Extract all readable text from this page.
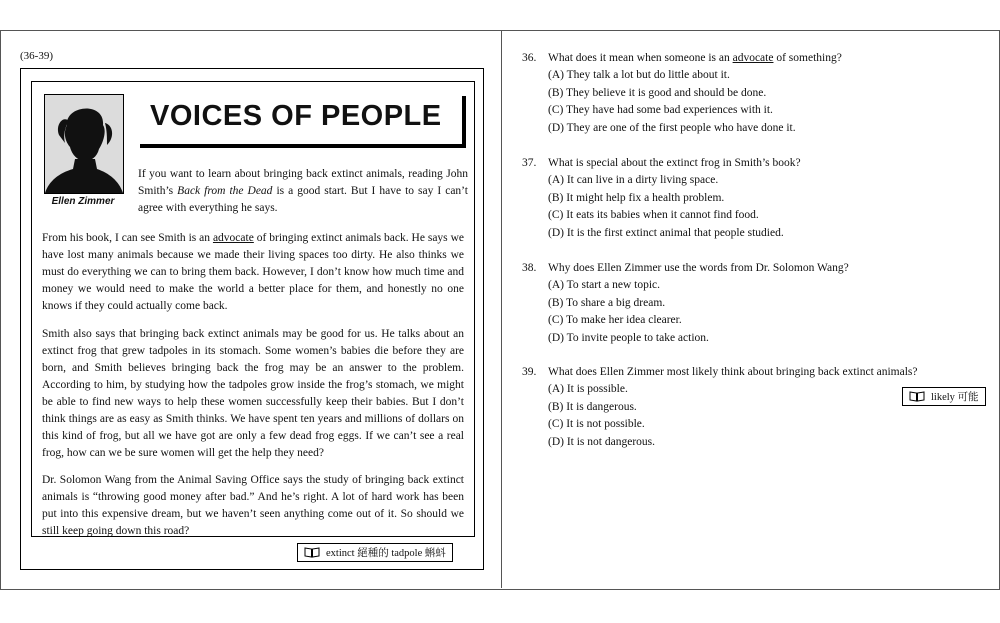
(36-39)
Ellen Zimmer
VOICES OF PEOPLE
If you want to learn about bringing back extinct animals, reading John Smith’s Back from the Dead is a good start. But I have to say I can’t agree with everything he says.
From his book, I can see Smith is an advocate of bringing extinct animals back. He says we have lost many animals because we made their living spaces too dirty. He also thinks we must do everything we can to bring them back. However, I don’t know how much time and money we would need to make the world a better place for them, and honestly no one knows if they could actually come back.
Smith also says that bringing back extinct animals may be good for us. He talks about an extinct frog that grew tadpoles in its stomach. Some women’s babies die before they are born, and Smith believes bringing back the frog may be an answer to the problem. According to him, by studying how the tadpoles grow inside the frog’s stomach, we might be able to find new ways to help these women successfully keep their babies. But I don’t think things are as easy as Smith thinks. We have spent ten years and millions of dollars on this kind of frog, but all we have got are only a few dead frog eggs. If we can’t see a real frog, how can we be sure women will get the help they need?
Dr. Solomon Wang from the Animal Saving Office says the study of bringing back extinct animals is “throwing good money after bad.” And he’s right. A lot of hard work has been put into this expensive dream, but we haven’t seen anything come out of it. So should we still keep going down this road?
extinct 絕種的 tadpole 蝌蚪
36. What does it mean when someone is an advocate of something?
(A) They talk a lot but do little about it.
(B) They believe it is good and should be done.
(C) They have had some bad experiences with it.
(D) They are one of the first people who have done it.
37. What is special about the extinct frog in Smith’s book?
(A) It can live in a dirty living space.
(B) It might help fix a health problem.
(C) It eats its babies when it cannot find food.
(D) It is the first extinct animal that people studied.
38. Why does Ellen Zimmer use the words from Dr. Solomon Wang?
(A) To start a new topic.
(B) To share a big dream.
(C) To make her idea clearer.
(D) To invite people to take action.
39. What does Ellen Zimmer most likely think about bringing back extinct animals?
(A) It is possible.
(B) It is dangerous.
(C) It is not possible.
(D) It is not dangerous.
likely 可能
